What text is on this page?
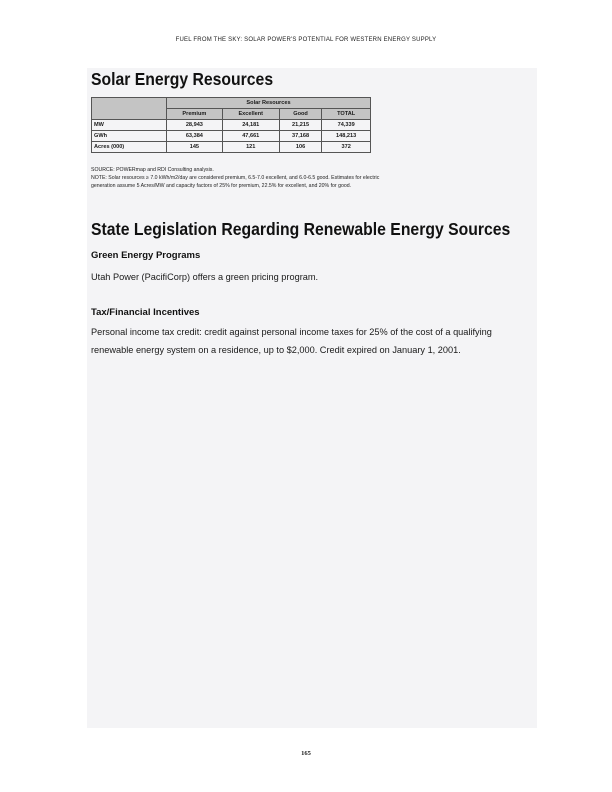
FUEL FROM THE SKY: SOLAR POWER'S POTENTIAL FOR WESTERN ENERGY SUPPLY
Solar Energy Resources
	Solar Resources			
	Premium	Excellent	Good	TOTAL
MW	28,943	24,181	21,215	74,339
GWh	63,384	47,661	37,168	148,213
Acres (000)	145	121	106	372

SOURCE: POWERmap and RDI Consulting analysis.

NOTE: Solar resources ≥ 7.0 kWh/m2/day are considered premium, 6.5-7.0 excellent, and 6.0-6.5 good. Estimates for electric generation assume 5 Acres/MW and capacity factors of 25% for premium, 22.5% for excellent, and 20% for good.

State Legislation Regarding Renewable Energy Sources
Green Energy Programs

Utah Power (PacifiCorp) offers a green pricing program.

Tax/Financial Incentives

Personal income tax credit: credit against personal income taxes for 25% of the cost of a qualifying renewable energy system on a residence, up to $2,000. Credit expired on January 1, 2001.

165
